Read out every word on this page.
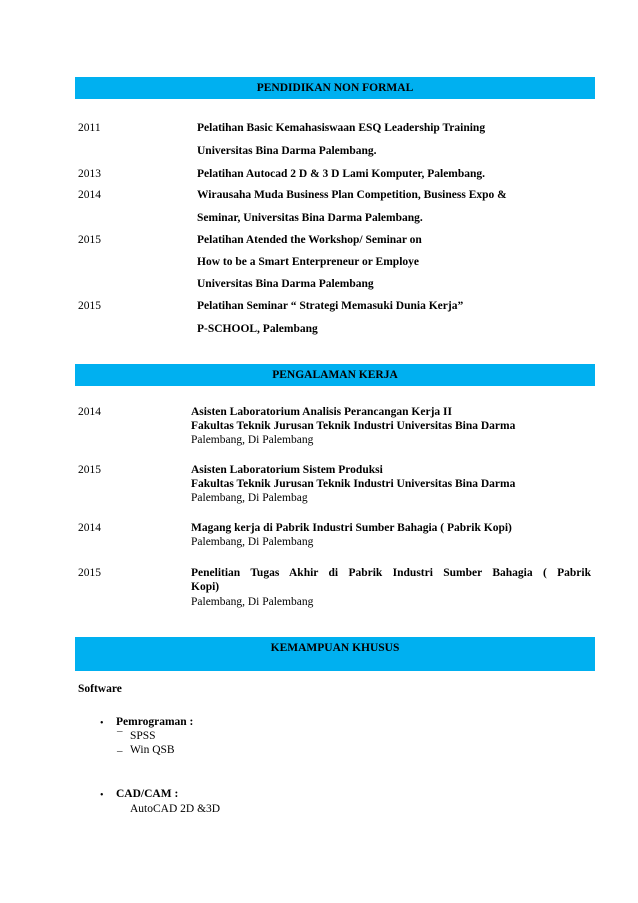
PENDIDIKAN NON FORMAL
2011	Pelatihan Basic Kemahasiswaan ESQ Leadership Training
Universitas Bina Darma Palembang.
2013	Pelatihan Autocad 2 D & 3 D Lami Komputer, Palembang.
2014	Wirausaha Muda Business Plan Competition, Business Expo &
Seminar, Universitas Bina Darma Palembang.
2015	Pelatihan Atended the Workshop/ Seminar on
How to be a Smart Enterpreneur or Employe
Universitas Bina Darma Palembang
2015	Pelatihan Seminar “ Strategi Memasuki Dunia Kerja”
P-SCHOOL, Palembang
PENGALAMAN KERJA
2014	Asisten Laboratorium Analisis Perancangan Kerja II
Fakultas Teknik Jurusan Teknik Industri Universitas Bina Darma
Palembang, Di Palembang
2015	Asisten Laboratorium Sistem Produksi
Fakultas Teknik Jurusan Teknik Industri Universitas Bina Darma
Palembang, Di Palembag
2014	Magang kerja di Pabrik Industri Sumber Bahagia ( Pabrik Kopi)
Palembang, Di Palembang
2015	Penelitian Tugas Akhir di Pabrik Industri Sumber Bahagia ( Pabrik
Kopi)
Palembang, Di Palembang
KEMAMPUAN KHUSUS
Software
• Pemrograman :
¯ SPSS
_ Win QSB
• CAD/CAM :
AutoCAD 2D &3D
